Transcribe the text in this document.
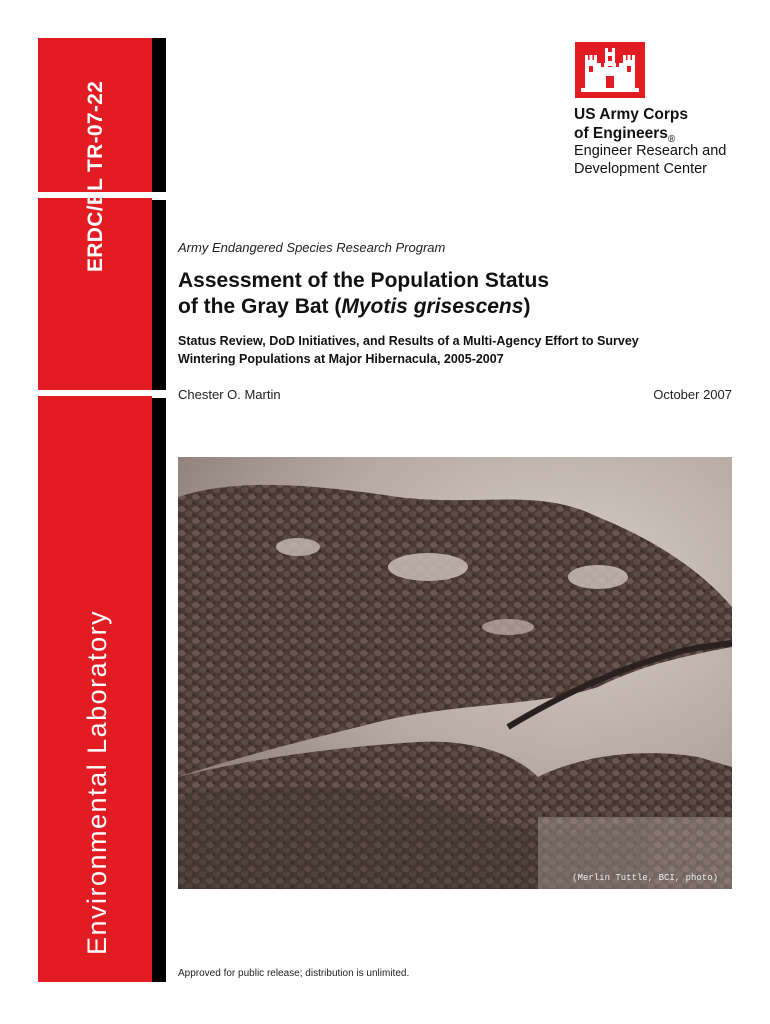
ERDC/EL TR-07-22
Environmental Laboratory
US Army Corps
of Engineers$_®$
Engineer Research and
Development Center
Army Endangered Species Research Program
Assessment of the Population Status
of the Gray Bat (Myotis grisescens)
Status Review, DoD Initiatives, and Results of a Multi-Agency Effort to Survey
Wintering Populations at Major Hibernacula, 2005-2007
Chester O. Martin	October 2007
(Merlin Tuttle, BCI, photo)
Approved for public release; distribution is unlimited.
